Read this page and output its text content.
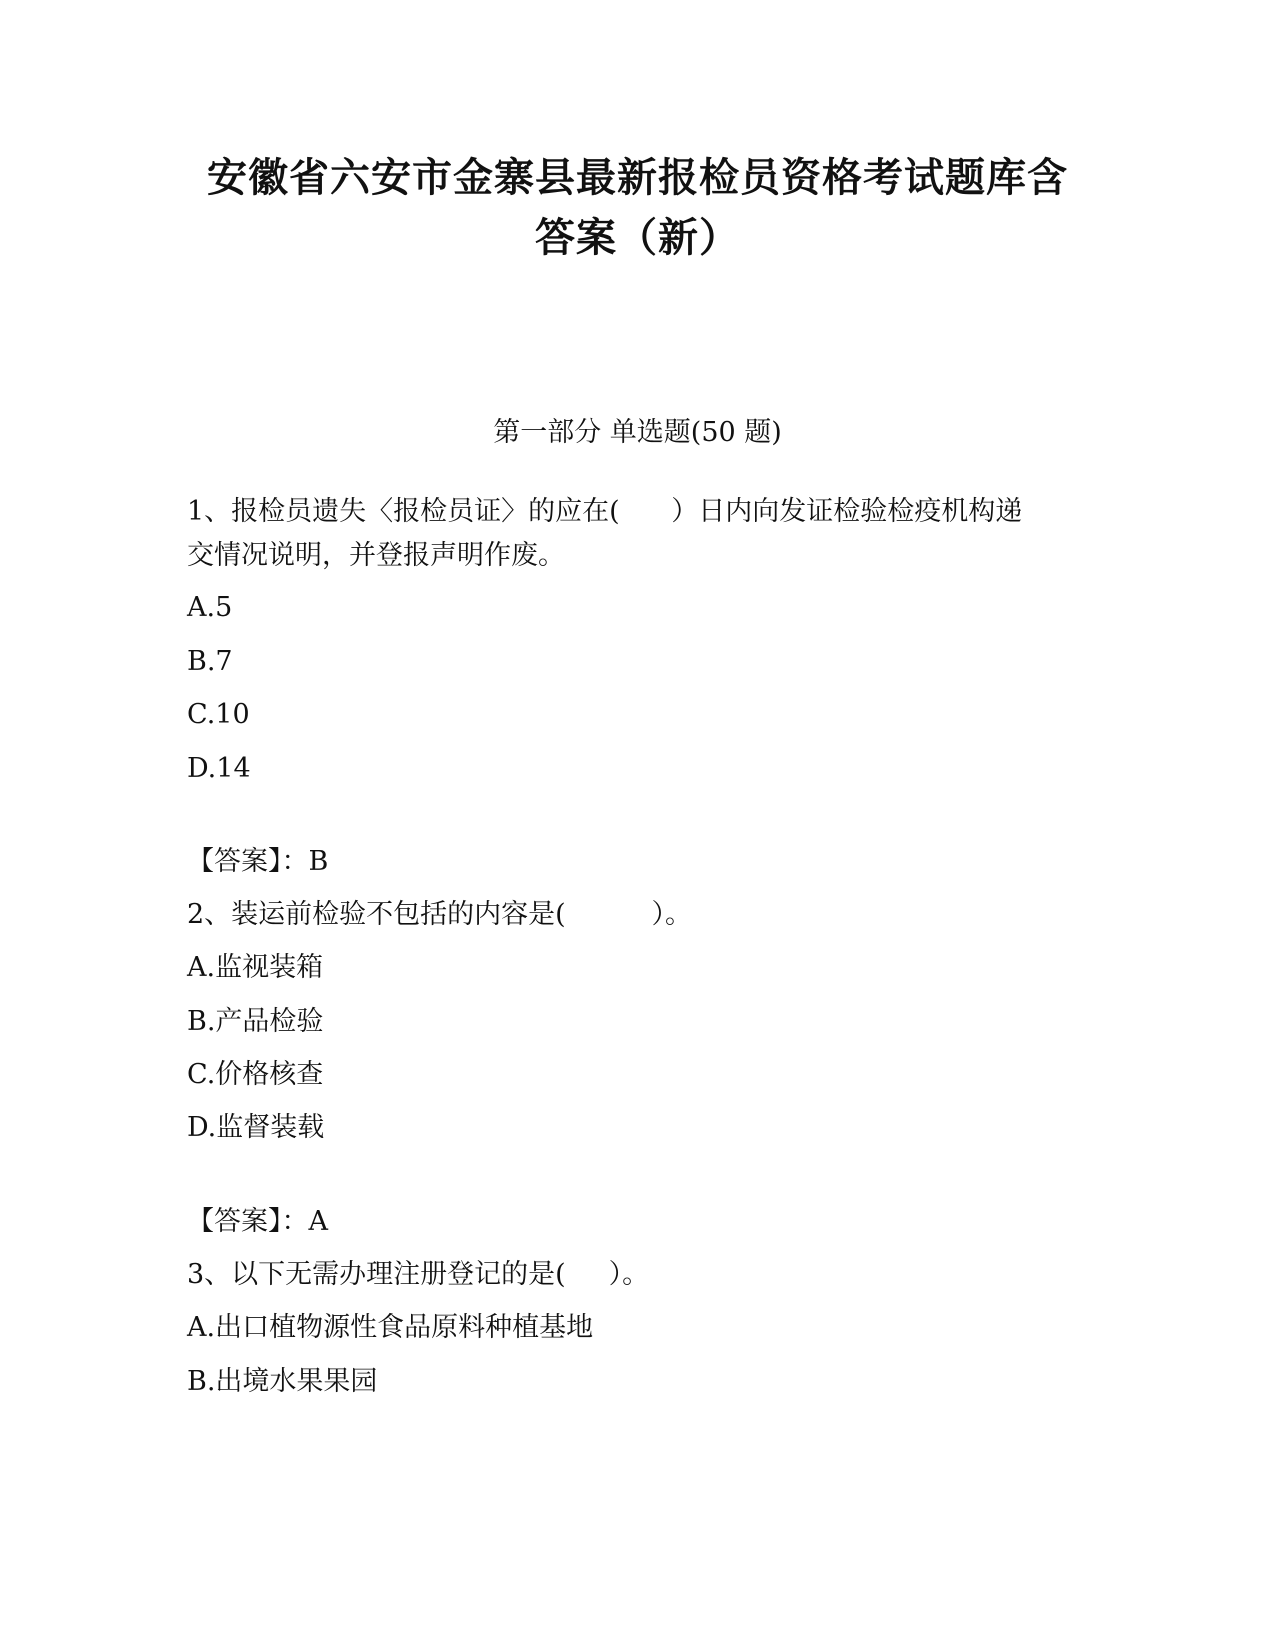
安徽省六安市金寨县最新报检员资格考试题库含
答案（新）
第一部分 单选题(50 题)
1、报检员遗失〈报检员证〉的应在(      ）日内向发证检验检疫机构递
交情况说明，并登报声明作废。
A.5
B.7
C.10
D.14
【答案】：B
2、装运前检验不包括的内容是(          ）。
A.监视装箱
B.产品检验
C.价格核查
D.监督装载
【答案】：A
3、以下无需办理注册登记的是(     ）。
A.出口植物源性食品原料种植基地
B.出境水果果园
